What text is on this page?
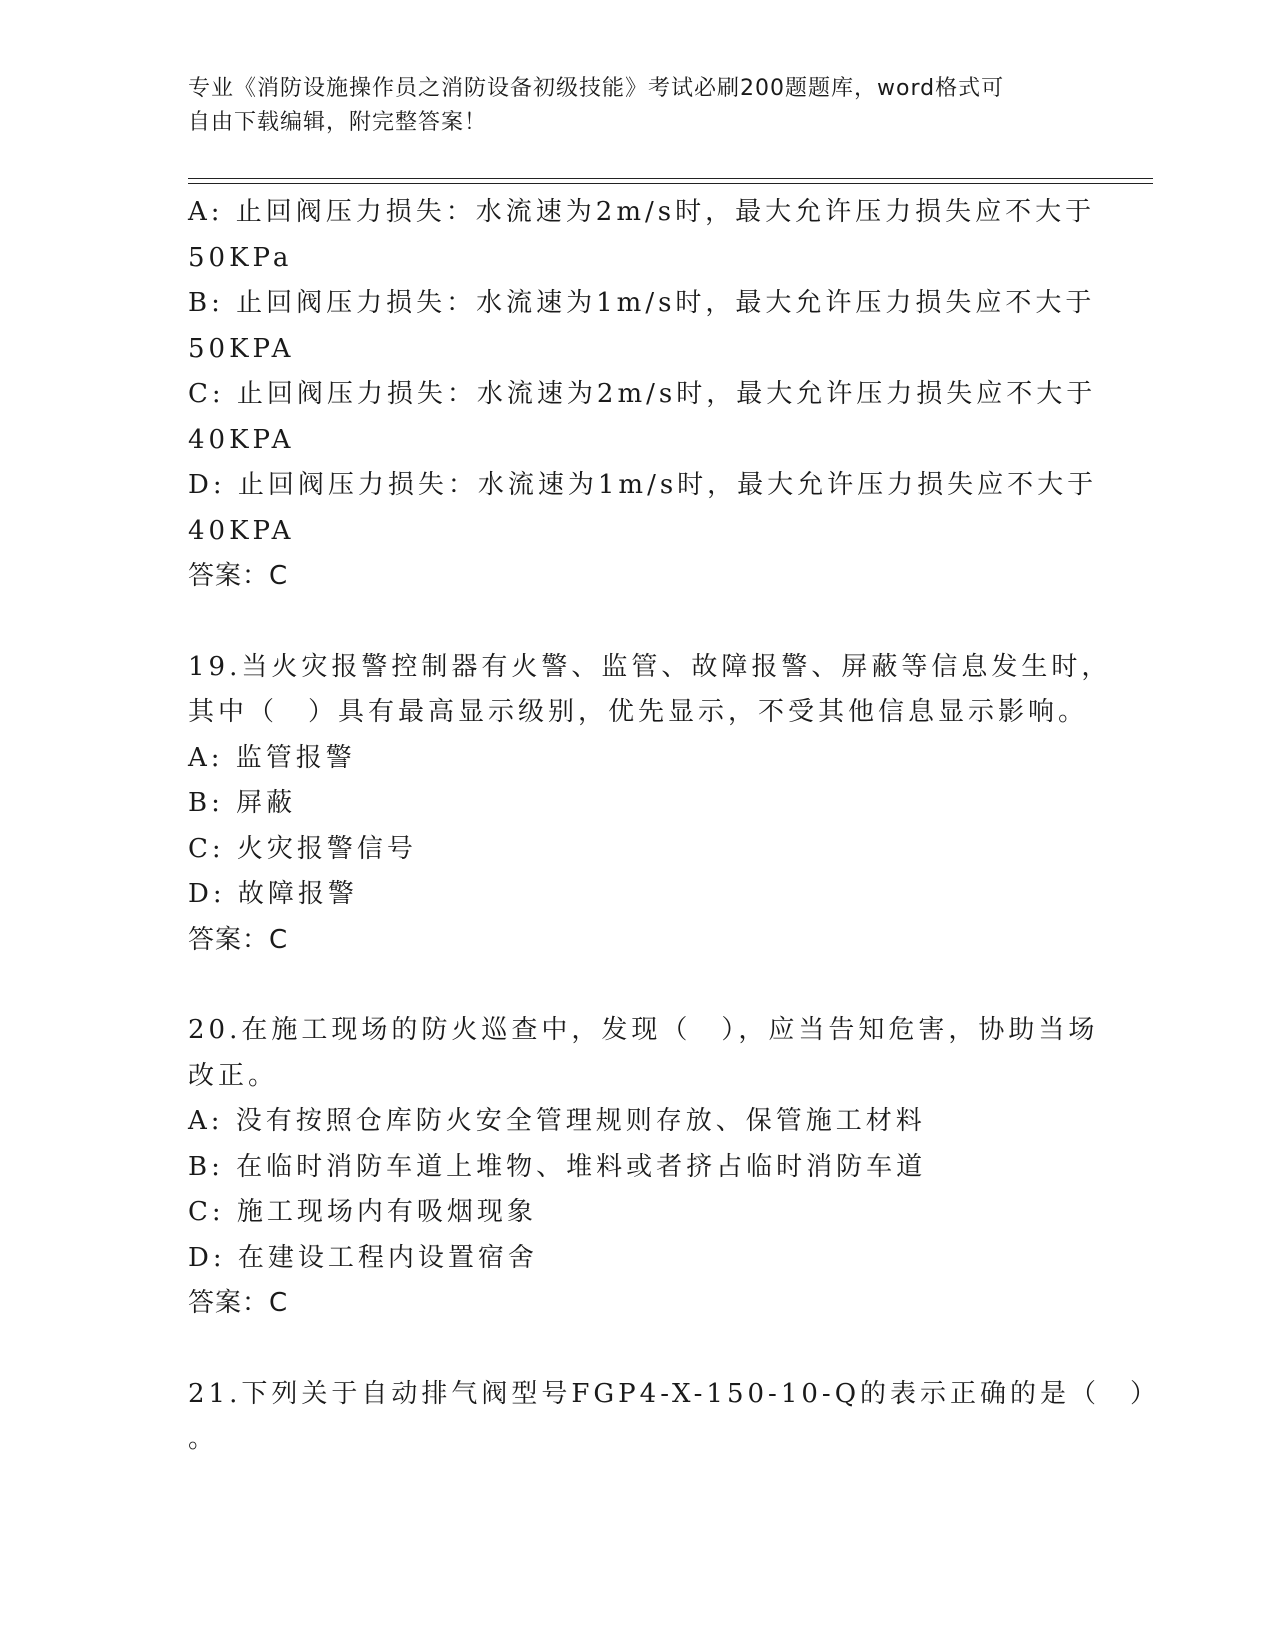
专业《消防设施操作员之消防设备初级技能》考试必刷200题题库，word格式可
自由下载编辑，附完整答案！
A: 止回阀压力损失：水流速为2m/s时，最大允许压力损失应不大于
50KPa
B: 止回阀压力损失：水流速为1m/s时，最大允许压力损失应不大于
50KPA
C: 止回阀压力损失：水流速为2m/s时，最大允许压力损失应不大于
40KPA
D: 止回阀压力损失：水流速为1m/s时，最大允许压力损失应不大于
40KPA
答案：C
19.当火灾报警控制器有火警、监管、故障报警、屏蔽等信息发生时，
其中（　）具有最高显示级别，优先显示，不受其他信息显示影响。
A: 监管报警
B: 屏蔽
C: 火灾报警信号
D: 故障报警
答案：C
20.在施工现场的防火巡查中，发现（　），应当告知危害，协助当场
改正。
A: 没有按照仓库防火安全管理规则存放、保管施工材料
B: 在临时消防车道上堆物、堆料或者挤占临时消防车道
C: 施工现场内有吸烟现象
D: 在建设工程内设置宿舍
答案：C
21.下列关于自动排气阀型号FGP4-X-150-10-Q的表示正确的是（　）
。
